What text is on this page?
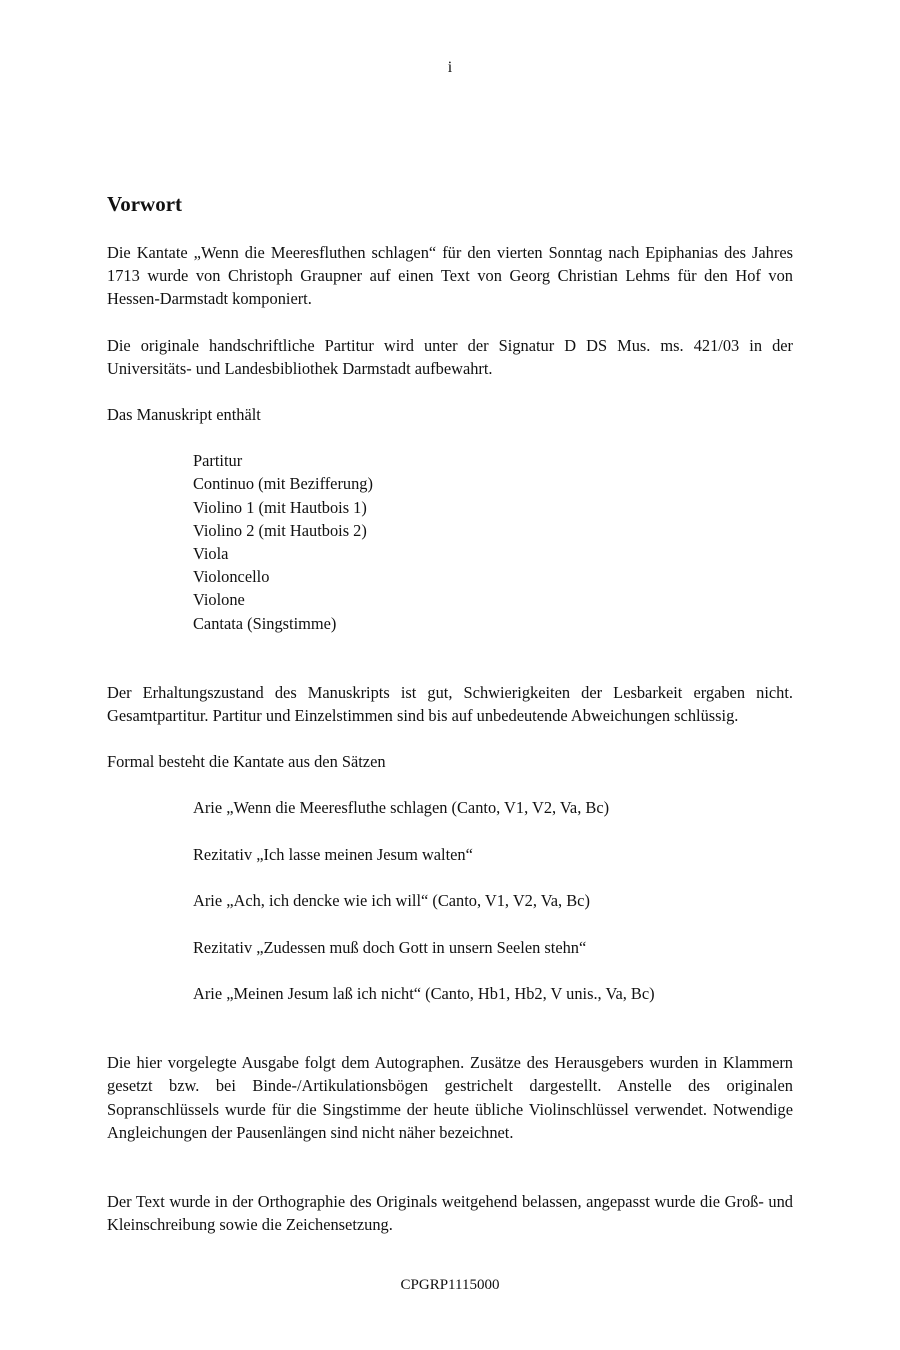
i
Vorwort

Die Kantate „Wenn die Meeresfluthen schlagen“ für den vierten Sonntag nach Epiphanias des Jahres 1713 wurde von Christoph Graupner auf einen Text von Georg Christian Lehms für den Hof von Hessen-Darmstadt komponiert.

Die originale handschriftliche Partitur wird unter der Signatur D DS Mus. ms. 421/03 in der Universitäts- und Landesbibliothek Darmstadt aufbewahrt.

Das Manuskript enthält

Partitur
Continuo (mit Bezifferung)
Violino 1 (mit Hautbois 1)
Violino 2 (mit Hautbois 2)
Viola
Violoncello
Violone
Cantata (Singstimme)

Der Erhaltungszustand des Manuskripts ist gut, Schwierigkeiten der Lesbarkeit ergaben nicht. Gesamtpartitur. Partitur und Einzelstimmen sind bis auf unbedeutende Abweichungen schlüssig.

Formal besteht die Kantate aus den Sätzen

Arie „Wenn die Meeresfluthe schlagen (Canto, V1, V2, Va, Bc)
Rezitativ „Ich lasse meinen Jesum walten“
Arie „Ach, ich dencke wie ich will“ (Canto, V1, V2, Va, Bc)
Rezitativ „Zudessen muß doch Gott in unsern Seelen stehn“
Arie „Meinen Jesum laß ich nicht“ (Canto, Hb1, Hb2, V unis., Va, Bc)

Die hier vorgelegte Ausgabe folgt dem Autographen. Zusätze des Herausgebers wurden in Klammern gesetzt bzw. bei Binde-/Artikulationsbögen gestrichelt dargestellt. Anstelle des originalen Sopranschlüssels wurde für die Singstimme der heute übliche Violinschlüssel verwendet. Notwendige Angleichungen der Pausenlängen sind nicht näher bezeichnet.

Der Text wurde in der Orthographie des Originals weitgehend belassen, angepasst wurde die Groß- und Kleinschreibung sowie die Zeichensetzung.

CPGRP1115000
